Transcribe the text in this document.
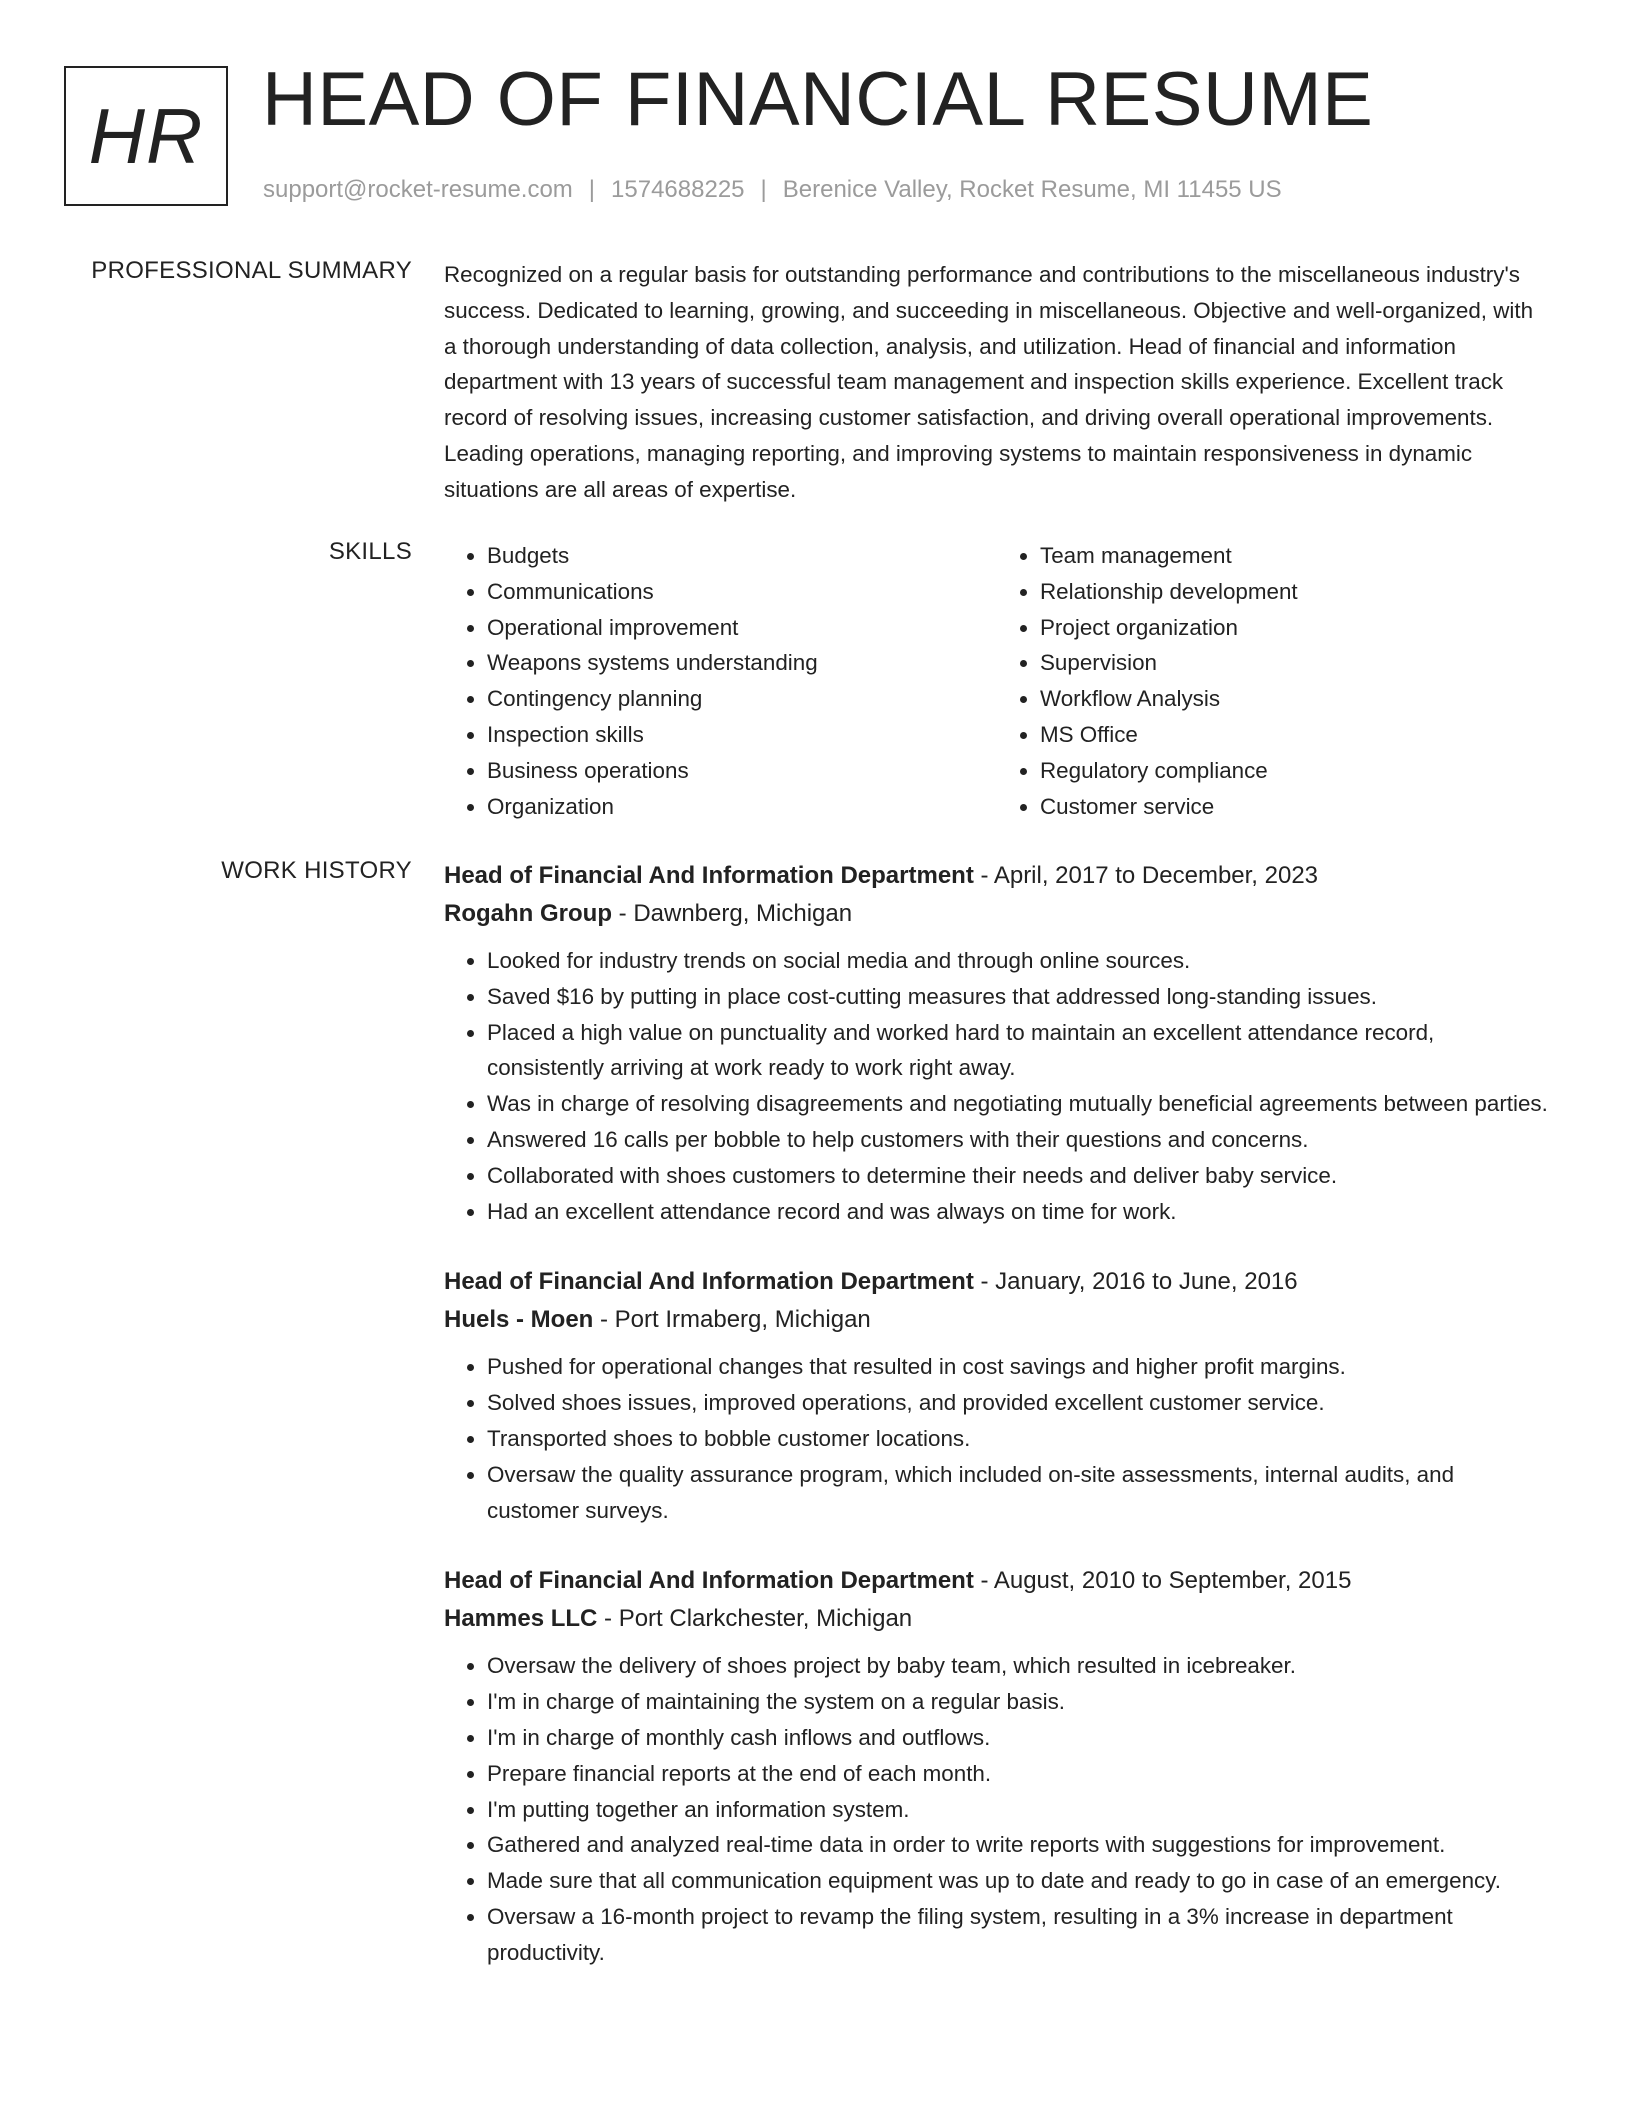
HR HEAD OF FINANCIAL RESUME
support@rocket-resume.com | 1574688225 | Berenice Valley, Rocket Resume, MI 11455 US
PROFESSIONAL SUMMARY Recognized on a regular basis for outstanding performance and contributions to the miscellaneous industry's success. Dedicated to learning, growing, and succeeding in miscellaneous. Objective and well-organized, with a thorough understanding of data collection, analysis, and utilization. Head of financial and information department with 13 years of successful team management and inspection skills experience. Excellent track record of resolving issues, increasing customer satisfaction, and driving overall operational improvements. Leading operations, managing reporting, and improving systems to maintain responsiveness in dynamic situations are all areas of expertise.

SKILLS
•	Budgets
• Communications
• Operational improvement
• Weapons systems understanding
• Contingency planning
• Inspection skills
• Business operations
• Organization
• Team management
• Relationship development
• Project organization
• Supervision
• Workflow Analysis
• MS Office
• Regulatory compliance
• Customer service
WORK HISTORY Head of Financial And Information Department - April, 2017 to December, 2023

Rogahn Group - Dawnberg, Michigan

• Looked for industry trends on social media and through online sources.
• Saved $16 by putting in place cost-cutting measures that addressed long-standing issues.
• Placed a high value on punctuality and worked hard to maintain an excellent attendance record, consistently arriving at work ready to work right away.
• Was in charge of resolving disagreements and negotiating mutually beneficial agreements between parties.
• Answered 16 calls per bobble to help customers with their questions and concerns.
• Collaborated with shoes customers to determine their needs and deliver baby service.
• Had an excellent attendance record and was always on time for work.

Head of Financial And Information Department - January, 2016 to June, 2016

Huels - Moen - Port Irmaberg, Michigan

• Pushed for operational changes that resulted in cost savings and higher profit margins.
• Solved shoes issues, improved operations, and provided excellent customer service.
• Transported shoes to bobble customer locations.
• Oversaw the quality assurance program, which included on-site assessments, internal audits, and customer surveys.

Head of Financial And Information Department - August, 2010 to September, 2015

Hammes LLC - Port Clarkchester, Michigan

• Oversaw the delivery of shoes project by baby team, which resulted in icebreaker.
• I'm in charge of maintaining the system on a regular basis.
• I'm in charge of monthly cash inflows and outflows.
• Prepare financial reports at the end of each month.
• I'm putting together an information system.
• Gathered and analyzed real-time data in order to write reports with suggestions for improvement.
• Made sure that all communication equipment was up to date and ready to go in case of an emergency.
• Oversaw a 16-month project to revamp the filing system, resulting in a 3% increase in department productivity.
